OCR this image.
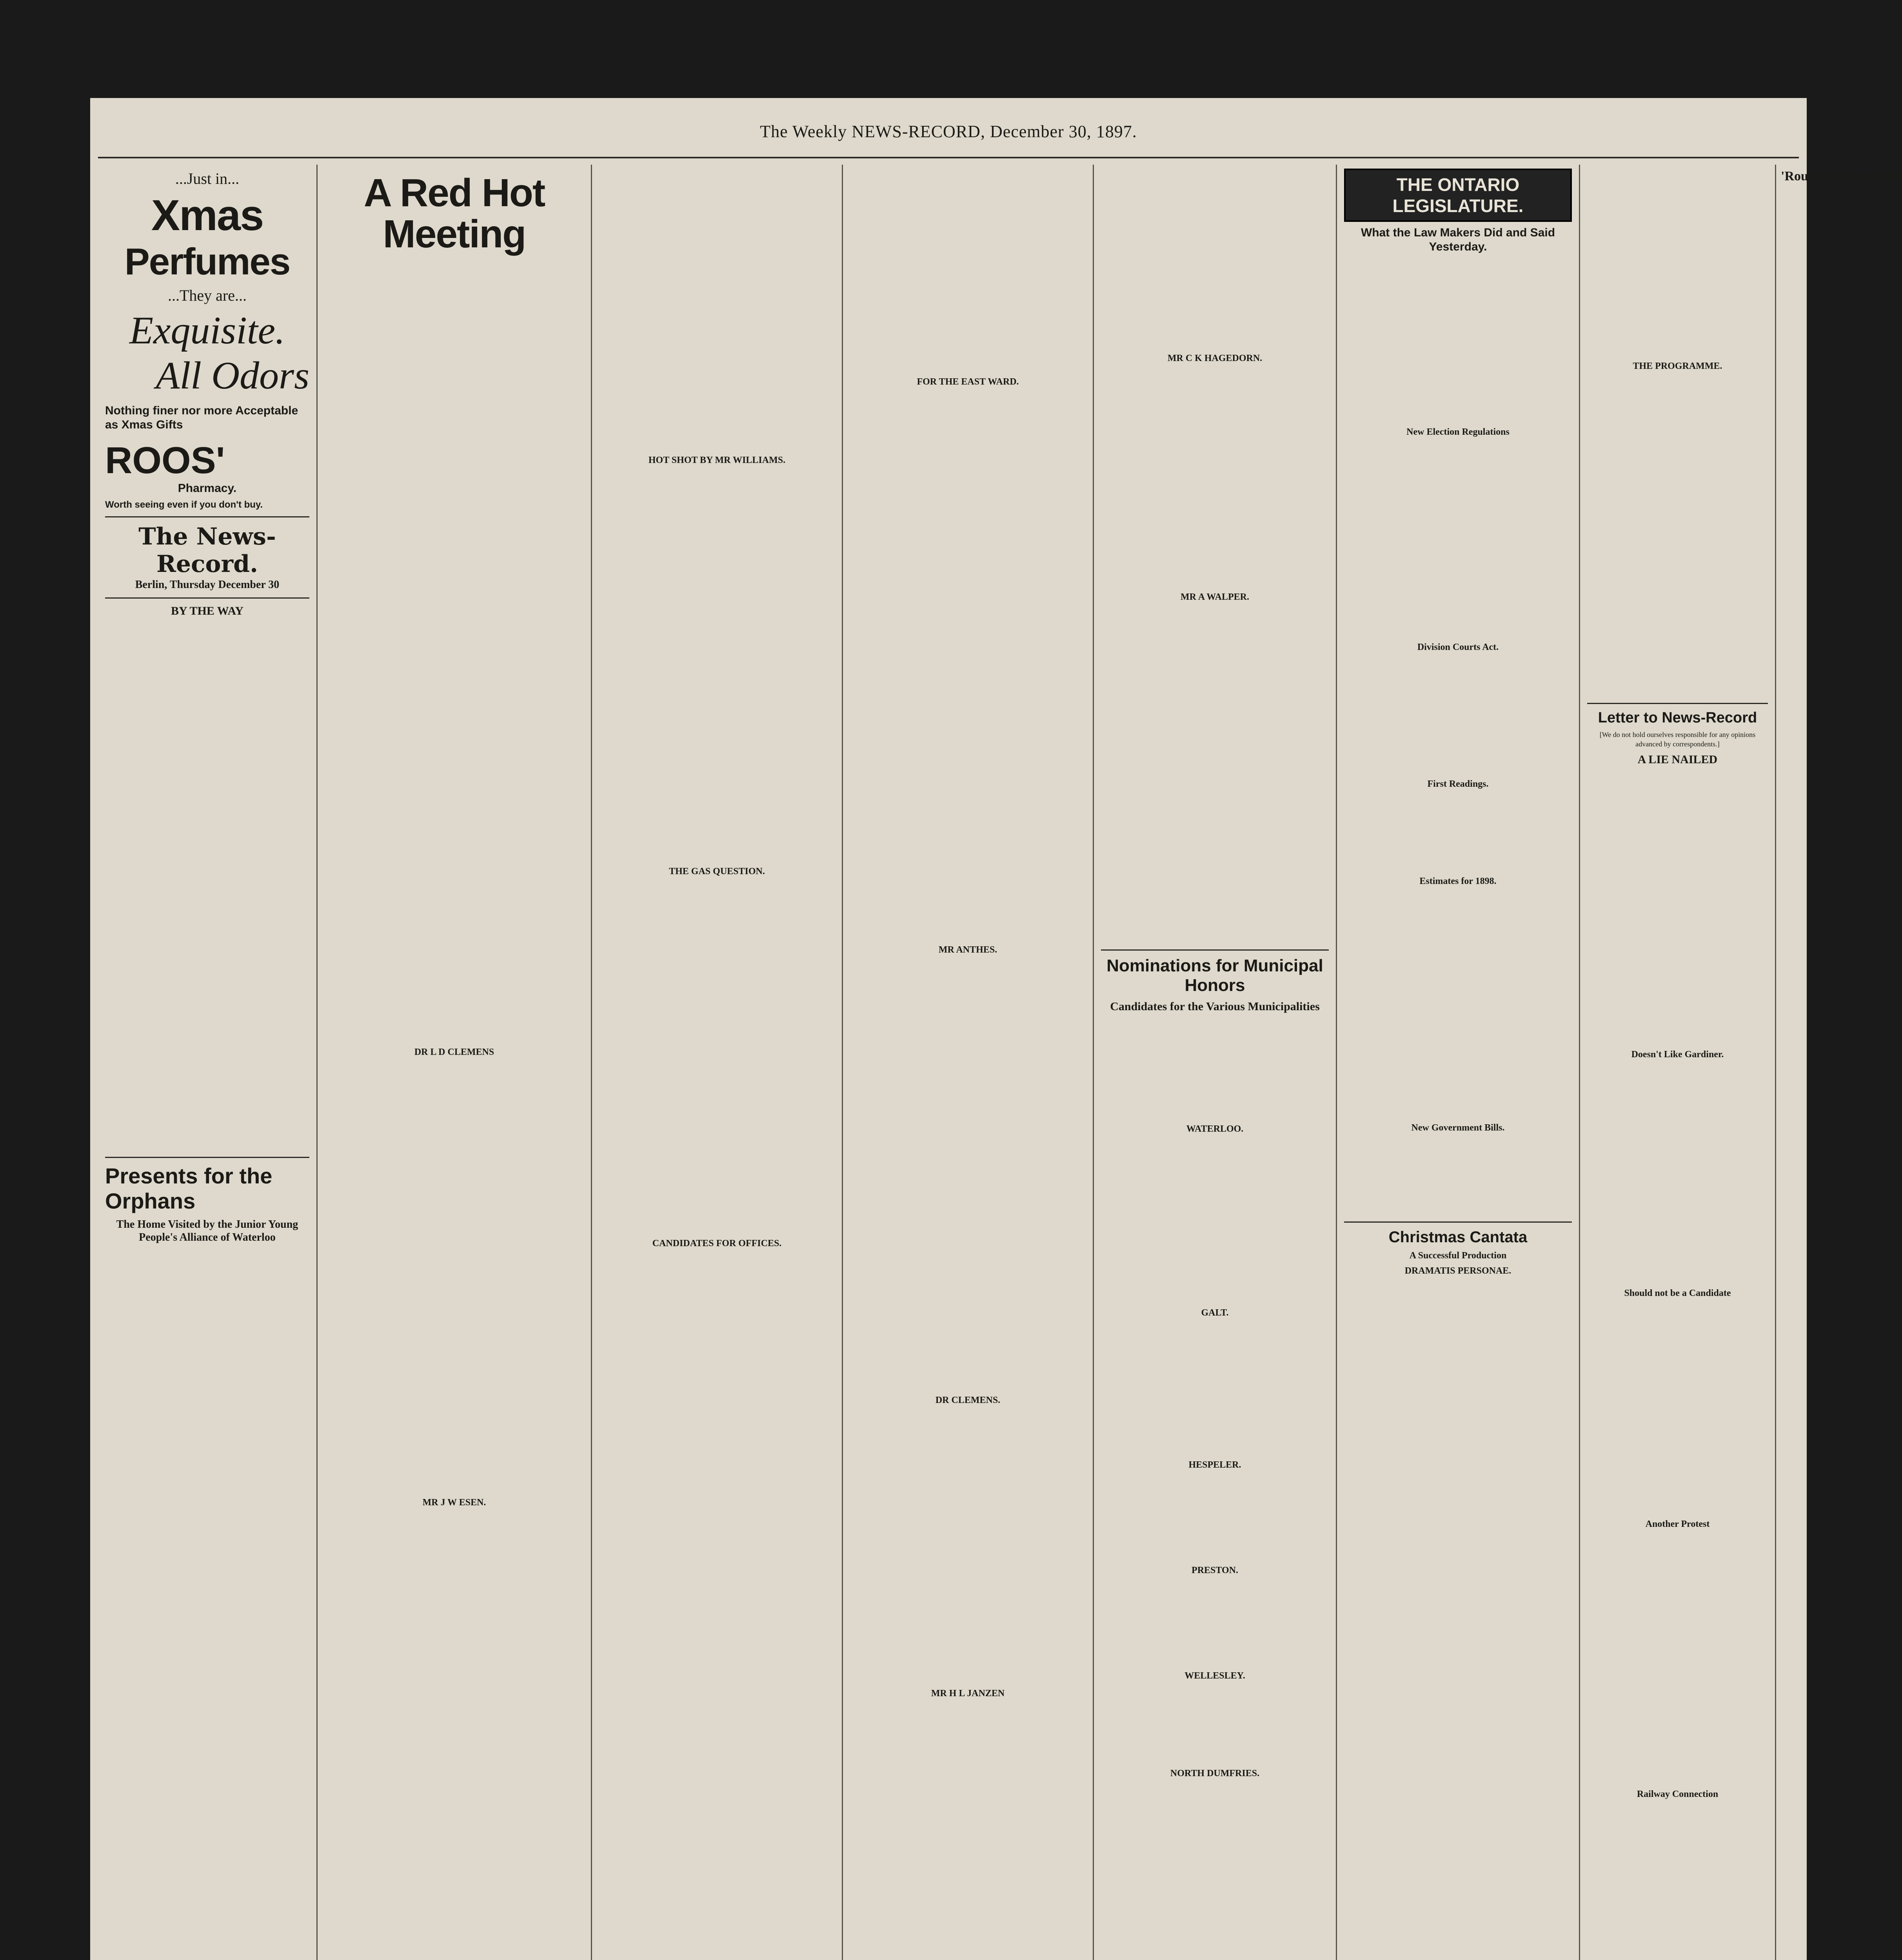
The Weekly NEWS-RECORD, December 30, 1897.
...Just in...
Xmas
Perfumes
...They are...
Exquisite.
All Odors
Nothing finer nor more Acceptable as Xmas Gifts
ROOS'
Pharmacy.
Worth seeing even if you don't buy.
The News-Record.
Berlin, Thursday December 30
BY THE WAY
Presents for the Orphans
The Home Visited by the Junior Young People's Alliance of Waterloo
A Red Hot Meeting
DR L D CLEMENS
MR J W ESEN.
HOT SHOT BY MR WILLIAMS.
THE GAS QUESTION.
CANDIDATES FOR OFFICES.
FOR THE EAST WARD.
MR ANTHES.
DR CLEMENS.
MR H L JANZEN
MR C K HAGEDORN.
MR A WALPER.
Nominations for Municipal Honors
Candidates for the Various Municipalities
WATERLOO.
GALT.
HESPELER.
PRESTON.
WELLESLEY.
NORTH DUMFRIES.
THE ONTARIO LEGISLATURE.
What the Law Makers Did and Said Yesterday.
New Election Regulations
Division Courts Act.
First Readings.
Estimates for 1898.
New Government Bills.
Christmas Cantata
A Successful Production
DRAMATIS PERSONAE.
THE PROGRAMME.
Letter to News-Record
[We do not hold ourselves responsible for any opinions advanced by correspondents.]
A LIE NAILED
Doesn't Like Gardiner.
Should not be a Candidate
Another Protest
Railway Connection
'Round the Tea Table
